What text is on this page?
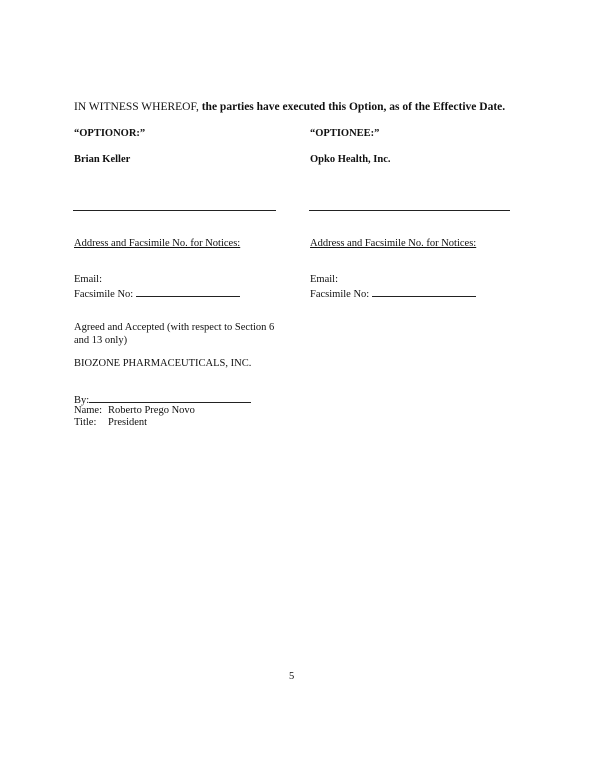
IN WITNESS WHEREOF, the parties have executed this Option, as of the Effective Date.
“OPTIONOR:”	“OPTIONEE:”
Brian Keller	Opko Health, Inc.
Address and Facsimile No. for Notices:	Address and Facsimile No. for Notices:
Email:	Email:
Facsimile No:	Facsimile No:
Agreed and Accepted (with respect to Section 6
and 13 only)
BIOZONE PHARMACEUTICALS, INC.
By:
Name: Roberto Prego Novo
Title: President
5
